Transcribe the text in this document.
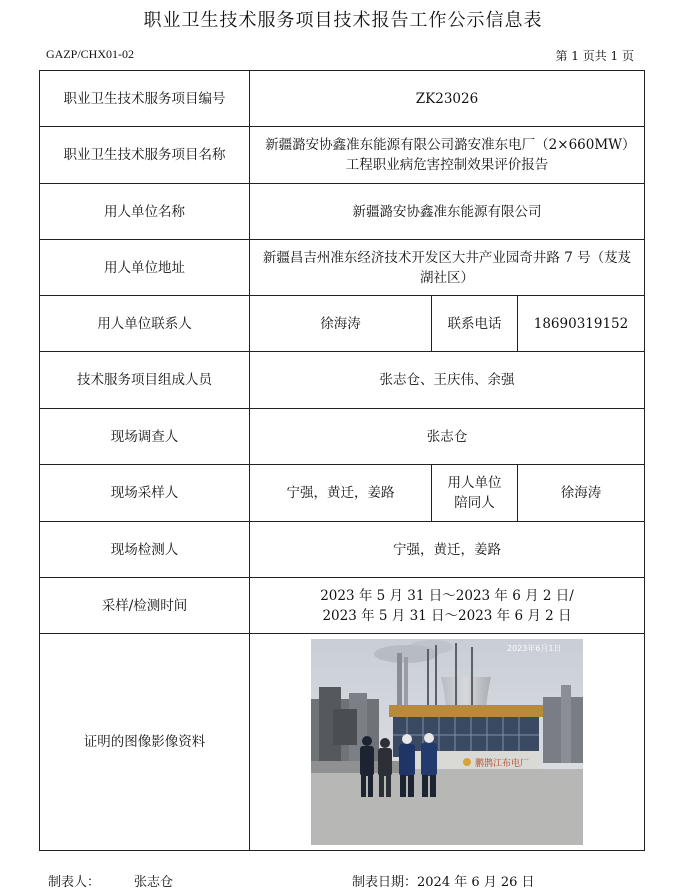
职业卫生技术服务项目技术报告工作公示信息表
GAZP/CHX01-02	第 1 页共 1 页
职业卫生技术服务项目编号	ZK23026		
职业卫生技术服务项目名称	新疆潞安协鑫准东能源有限公司潞安准东电厂（2×660MW）工程职业病危害控制效果评价报告		
用人单位名称	新疆潞安协鑫准东能源有限公司		
用人单位地址	新疆昌吉州准东经济技术开发区大井产业园奇井路 7 号（芨芨湖社区）		
用人单位联系人	徐海涛	联系电话	18690319152
技术服务项目组成人员	张志仓、王庆伟、余强		
现场调查人	张志仓		
现场采样人	宁强，黄迁，姜路	用人单位陪同人	徐海涛
现场检测人	宁强，黄迁，姜路		
采样/检测时间	2023 年 5 月 31 日～2023 年 6 月 2 日/
2023 年 5 月 31 日～2023 年 6 月 2 日		

证明的图像影像资料	鹏鹊江布电厂
2023年6月1日		
制表人：	张志仓	制表日期：2024 年 6 月 26 日
